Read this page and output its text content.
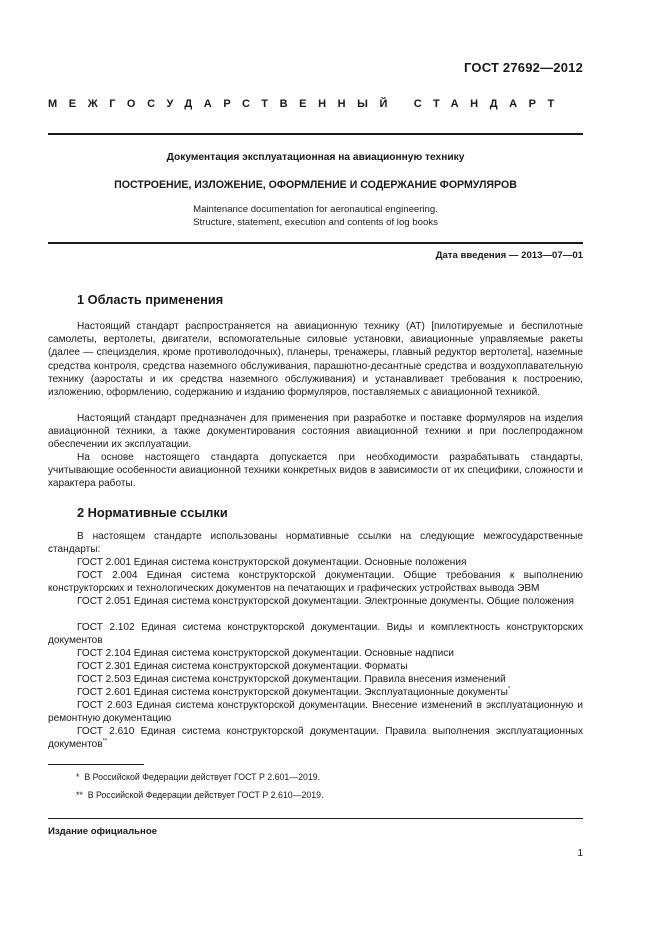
ГОСТ 27692—2012
МЕЖГОСУДАРСТВЕННЫЙ СТАНДАРТ
Документация эксплуатационная на авиационную технику
ПОСТРОЕНИЕ, ИЗЛОЖЕНИЕ, ОФОРМЛЕНИЕ И СОДЕРЖАНИЕ ФОРМУЛЯРОВ
Maintenance documentation for aeronautical engineering.
Structure, statement, execution and contents of log books
Дата введения — 2013—07—01
1 Область применения

Настоящий стандарт распространяется на авиационную технику (АТ) [пилотируемые и беспилотные самолеты, вертолеты, двигатели, вспомогательные силовые установки, авиационные управляемые ракеты (далее — специзделия, кроме противолодочных), планеры, тренажеры, главный редуктор вертолета], наземные средства контроля, средства наземного обслуживания, парашютно-десантные средства и воздухоплавательную технику (аэростаты и их средства наземного обслуживания) и устанавливает требования к построению, изложению, оформлению, содержанию и изданию формуляров, поставляемых с авиационной техникой.

Настоящий стандарт предназначен для применения при разработке и поставке формуляров на изделия авиационной техники, а также документирования состояния авиационной техники и при послепродажном обеспечении их эксплуатации.

На основе настоящего стандарта допускается при необходимости разрабатывать стандарты, учитывающие особенности авиационной техники конкретных видов в зависимости от их специфики, сложности и характера работы.

2 Нормативные ссылки

В настоящем стандарте использованы нормативные ссылки на следующие межгосударственные стандарты:

ГОСТ 2.001 Единая система конструкторской документации. Основные положения

ГОСТ 2.004 Единая система конструкторской документации. Общие требования к выполнению конструкторских и технологических документов на печатающих и графических устройствах вывода ЭВМ

ГОСТ 2.051 Единая система конструкторской документации. Электронные документы. Общие положения

ГОСТ 2.102 Единая система конструкторской документации. Виды и комплектность конструкторских документов

ГОСТ 2.104 Единая система конструкторской документации. Основные надписи

ГОСТ 2.301 Единая система конструкторской документации. Форматы

ГОСТ 2.503 Единая система конструкторской документации. Правила внесения изменений

ГОСТ 2.601 Единая система конструкторской документации. Эксплуатационные документы*

ГОСТ 2.603 Единая система конструкторской документации. Внесение изменений в эксплуатационную и ремонтную документацию

ГОСТ 2.610 Единая система конструкторской документации. Правила выполнения эксплуатационных документов**

* В Российской Федерации действует ГОСТ Р 2.601—2019.
** В Российской Федерации действует ГОСТ Р 2.610—2019.
Издание официальное
1
